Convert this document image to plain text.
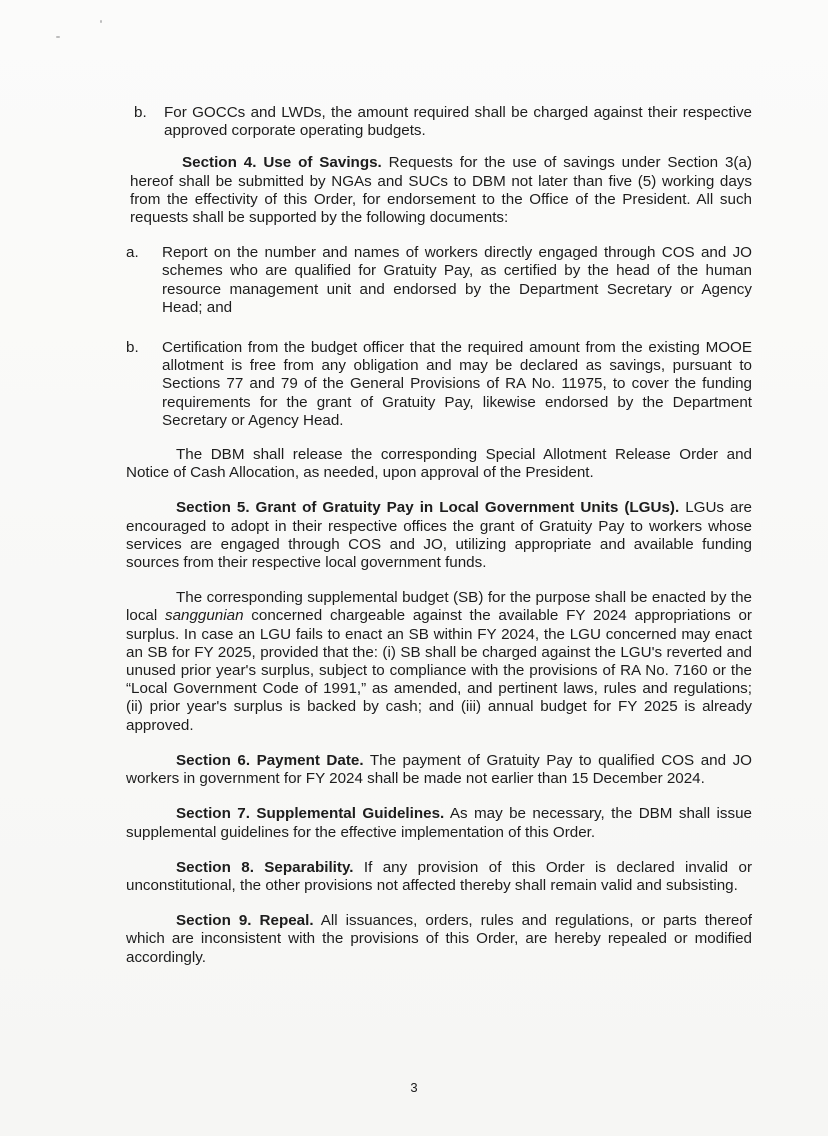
b.	For GOCCs and LWDs, the amount required shall be charged against their respective approved corporate operating budgets.

Section 4. Use of Savings. Requests for the use of savings under Section 3(a) hereof shall be submitted by NGAs and SUCs to DBM not later than five (5) working days from the effectivity of this Order, for endorsement to the Office of the President. All such requests shall be supported by the following documents:

a.	Report on the number and names of workers directly engaged through COS and JO schemes who are qualified for Gratuity Pay, as certified by the head of the human resource management unit and endorsed by the Department Secretary or Agency Head; and
b.	Certification from the budget officer that the required amount from the existing MOOE allotment is free from any obligation and may be declared as savings, pursuant to Sections 77 and 79 of the General Provisions of RA No. 11975, to cover the funding requirements for the grant of Gratuity Pay, likewise endorsed by the Department Secretary or Agency Head.

The DBM shall release the corresponding Special Allotment Release Order and Notice of Cash Allocation, as needed, upon approval of the President.

Section 5. Grant of Gratuity Pay in Local Government Units (LGUs). LGUs are encouraged to adopt in their respective offices the grant of Gratuity Pay to workers whose services are engaged through COS and JO, utilizing appropriate and available funding sources from their respective local government funds.

The corresponding supplemental budget (SB) for the purpose shall be enacted by the local sanggunian concerned chargeable against the available FY 2024 appropriations or surplus. In case an LGU fails to enact an SB within FY 2024, the LGU concerned may enact an SB for FY 2025, provided that the: (i) SB shall be charged against the LGU's reverted and unused prior year's surplus, subject to compliance with the provisions of RA No. 7160 or the “Local Government Code of 1991,” as amended, and pertinent laws, rules and regulations; (ii) prior year's surplus is backed by cash; and (iii) annual budget for FY 2025 is already approved.

Section 6. Payment Date. The payment of Gratuity Pay to qualified COS and JO workers in government for FY 2024 shall be made not earlier than 15 December 2024.

Section 7. Supplemental Guidelines. As may be necessary, the DBM shall issue supplemental guidelines for the effective implementation of this Order.

Section 8. Separability. If any provision of this Order is declared invalid or unconstitutional, the other provisions not affected thereby shall remain valid and subsisting.

Section 9. Repeal. All issuances, orders, rules and regulations, or parts thereof which are inconsistent with the provisions of this Order, are hereby repealed or modified accordingly.

3
